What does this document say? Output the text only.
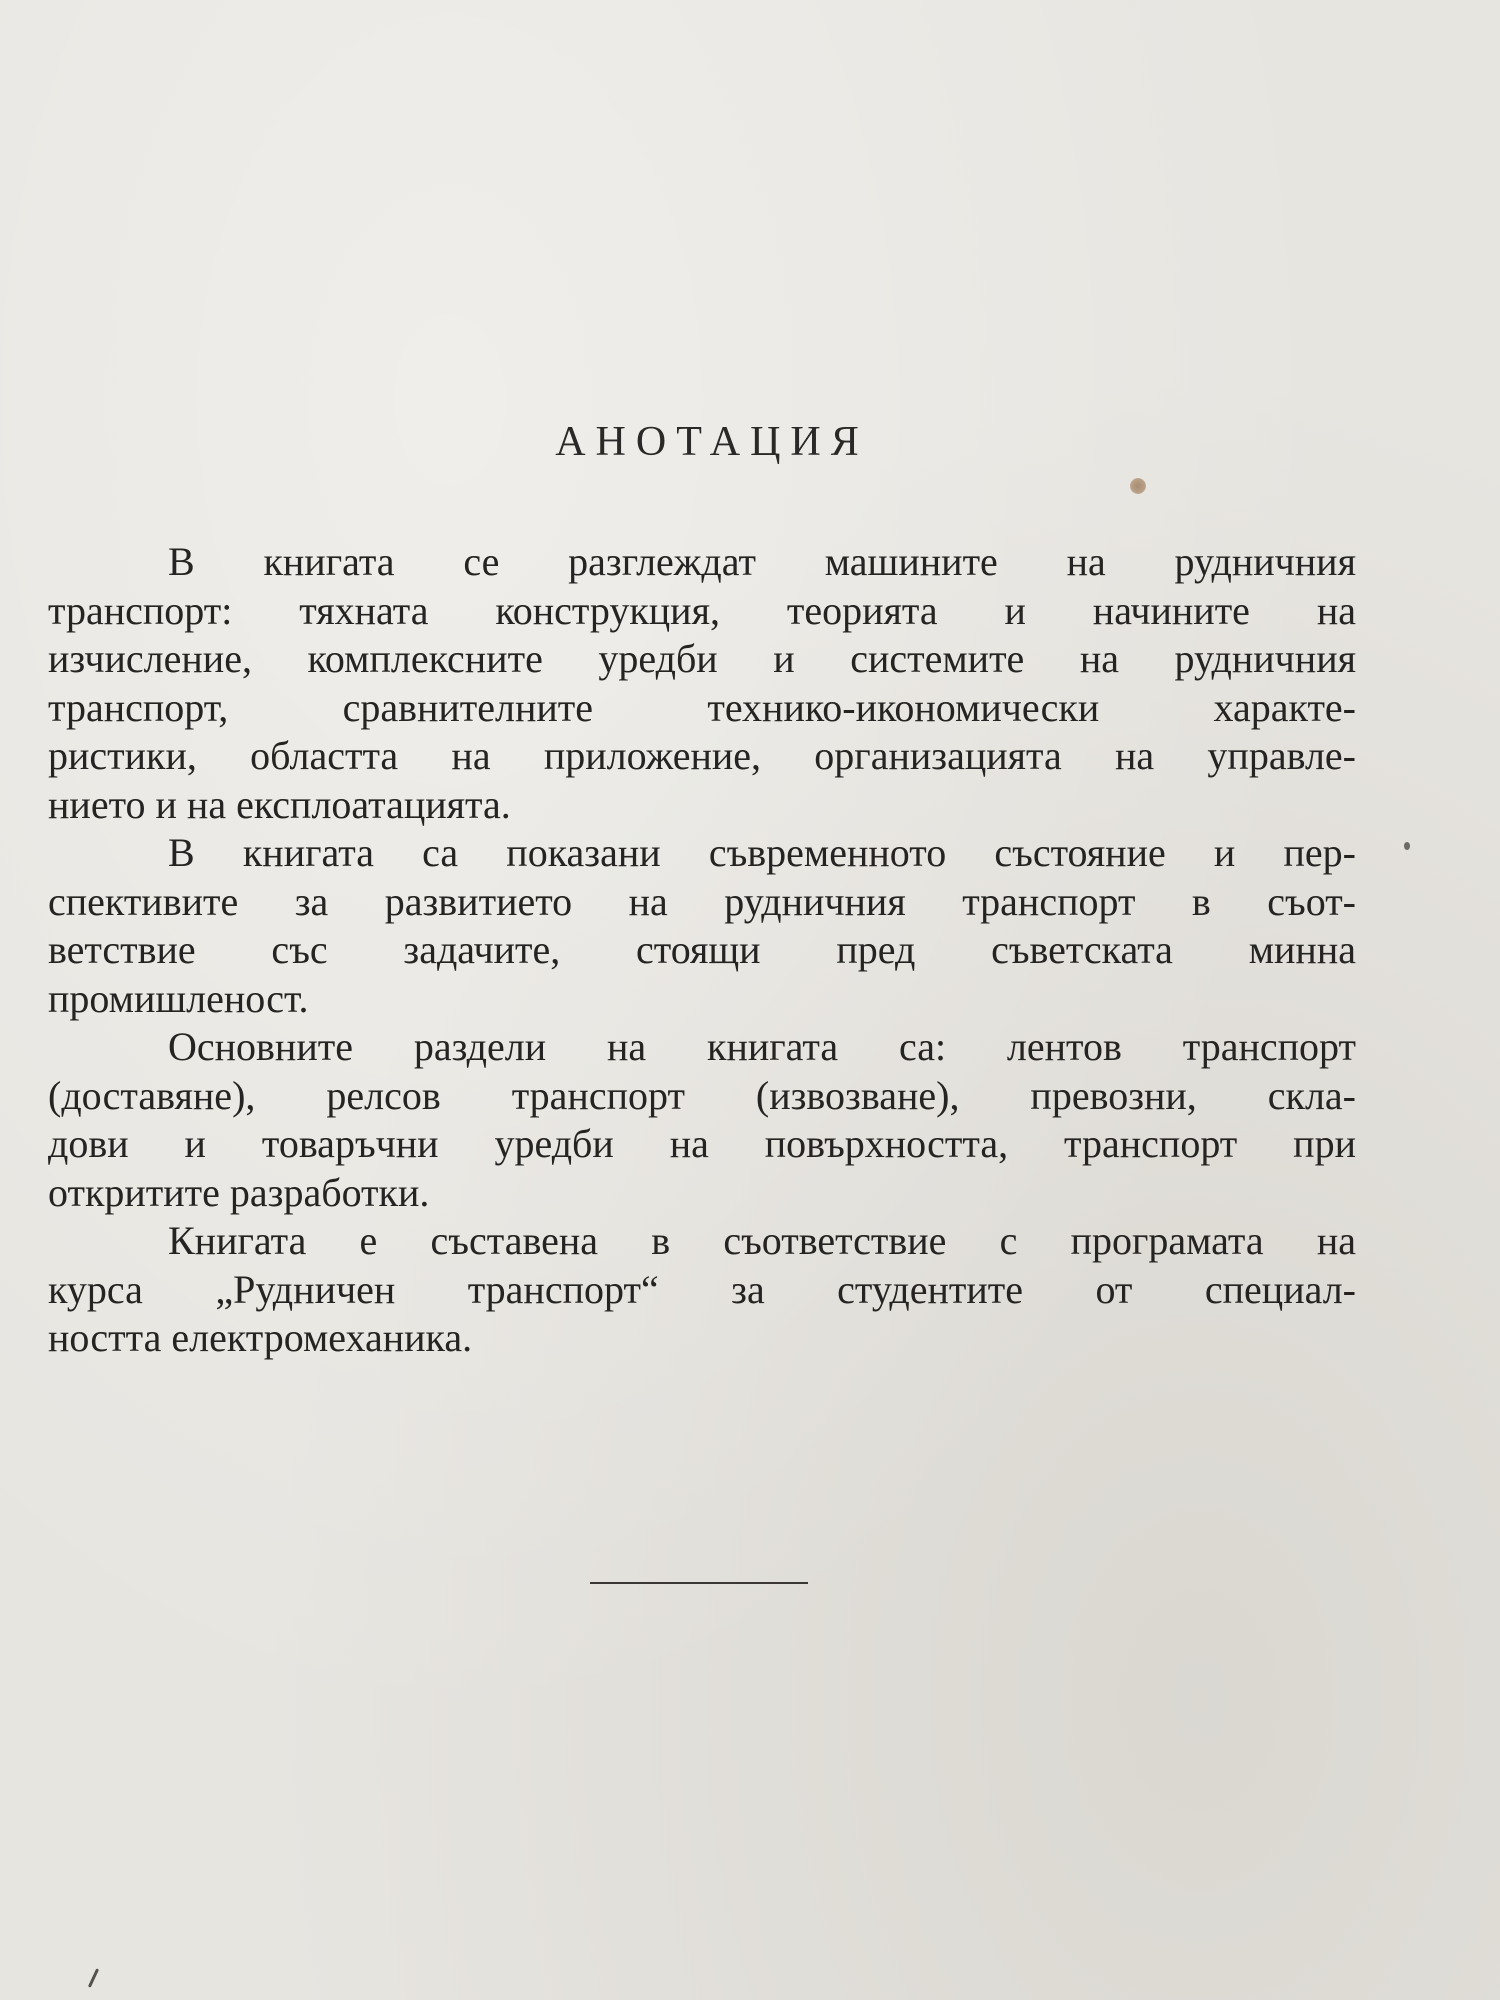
АНОТАЦИЯ

В книгата се разглеждат машините на рудничния
транспорт: тяхната конструкция, теорията и начините на
изчисление, комплексните уредби и системите на рудничния
транспорт, сравнителните технико-икономически характе-
ристики, областта на приложение, организацията на управле-
нието и на експлоатацията.

В книгата са показани съвременното състояние и пер-
спективите за развитието на рудничния транспорт в съот-
ветствие със задачите, стоящи пред съветската минна
промишленост.

Основните раздели на книгата са: лентов транспорт
(доставяне), релсов транспорт (извозване), превозни, скла-
дови и товаръчни уредби на повърхността, транспорт при
откритите разработки.

Книгата е съставена в съответствие с програмата на
курса „Рудничен транспорт“ за студентите от специал-
ността електромеханика.
